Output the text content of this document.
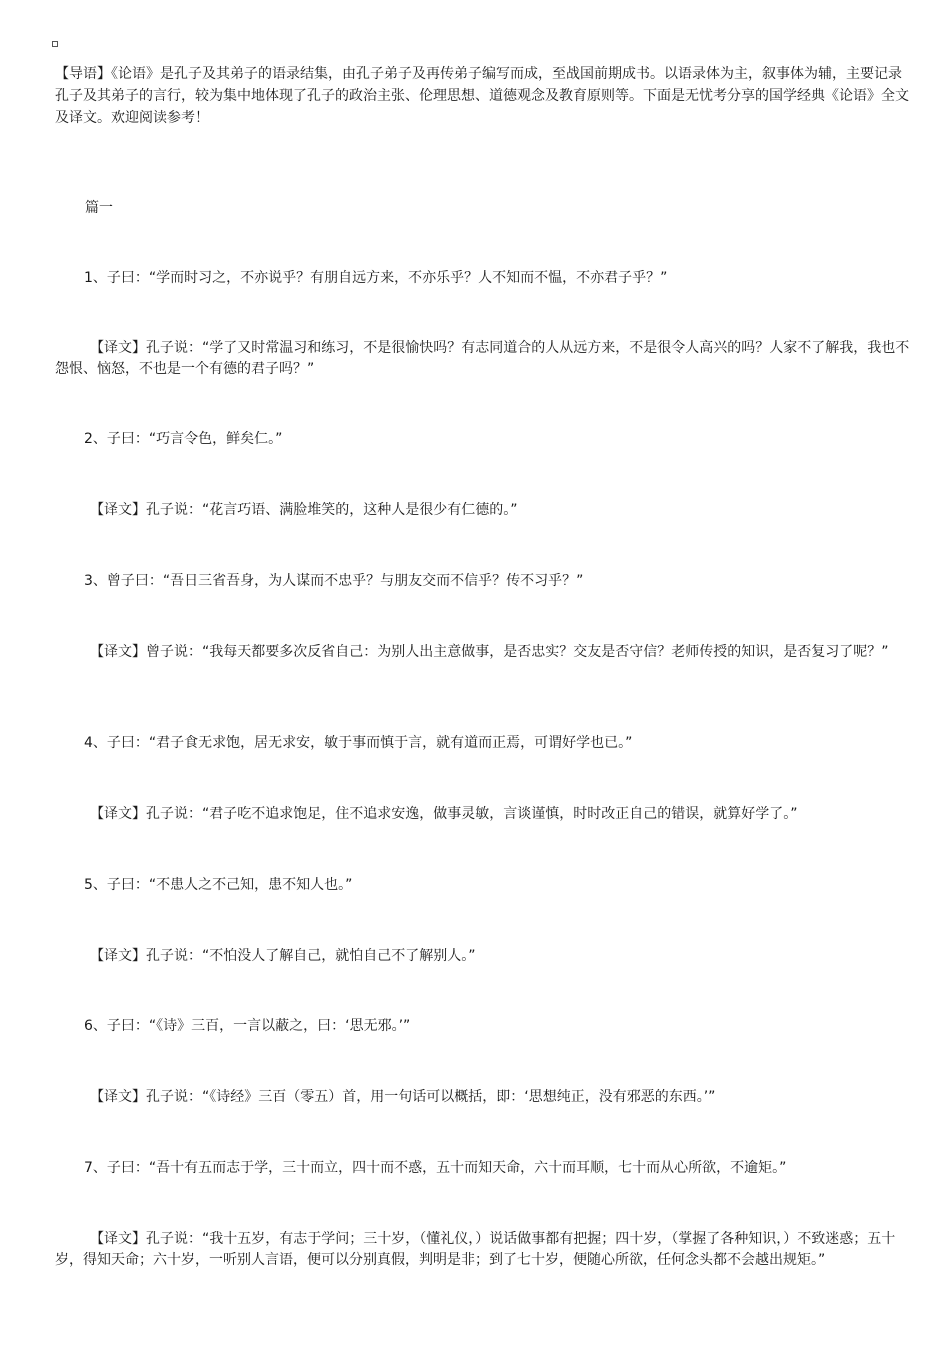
【导语】《论语》是孔子及其弟子的语录结集，由孔子弟子及再传弟子编写而成，至战国前期成书。以语录体为主，叙事体为辅，主要记录孔子及其弟子的言行，较为集中地体现了孔子的政治主张、伦理思想、道德观念及教育原则等。下面是无忧考分享的国学经典《论语》全文及译文。欢迎阅读参考！
篇一
1、子曰：“学而时习之，不亦说乎？有朋自远方来，不亦乐乎？人不知而不愠，不亦君子乎？”
【译文】孔子说：“学了又时常温习和练习，不是很愉快吗？有志同道合的人从远方来，不是很令人高兴的吗？人家不了解我，我也不怨恨、恼怒，不也是一个有德的君子吗？”
2、子曰：“巧言令色，鲜矣仁。”
【译文】孔子说：“花言巧语、满脸堆笑的，这种人是很少有仁德的。”
3、曾子曰：“吾日三省吾身，为人谋而不忠乎？与朋友交而不信乎？传不习乎？”
【译文】曾子说：“我每天都要多次反省自己：为别人出主意做事，是否忠实？交友是否守信？老师传授的知识，是否复习了呢？”
4、子曰：“君子食无求饱，居无求安，敏于事而慎于言，就有道而正焉，可谓好学也已。”
【译文】孔子说：“君子吃不追求饱足，住不追求安逸，做事灵敏，言谈谨慎，时时改正自己的错误，就算好学了。”
5、子曰：“不患人之不己知，患不知人也。”
【译文】孔子说：“不怕没人了解自己，就怕自己不了解别人。”
6、子曰：“《诗》三百，一言以蔽之，曰：‘思无邪。’”
【译文】孔子说：“《诗经》三百（零五）首，用一句话可以概括，即：‘思想纯正，没有邪恶的东西。’”
7、子曰：“吾十有五而志于学，三十而立，四十而不惑，五十而知天命，六十而耳顺，七十而从心所欲，不逾矩。”
【译文】孔子说：“我十五岁，有志于学问；三十岁，（懂礼仪，）说话做事都有把握；四十岁，（掌握了各种知识，）不致迷惑；五十岁，得知天命；六十岁，一听别人言语，便可以分别真假，判明是非；到了七十岁，便随心所欲，任何念头都不会越出规矩。”
